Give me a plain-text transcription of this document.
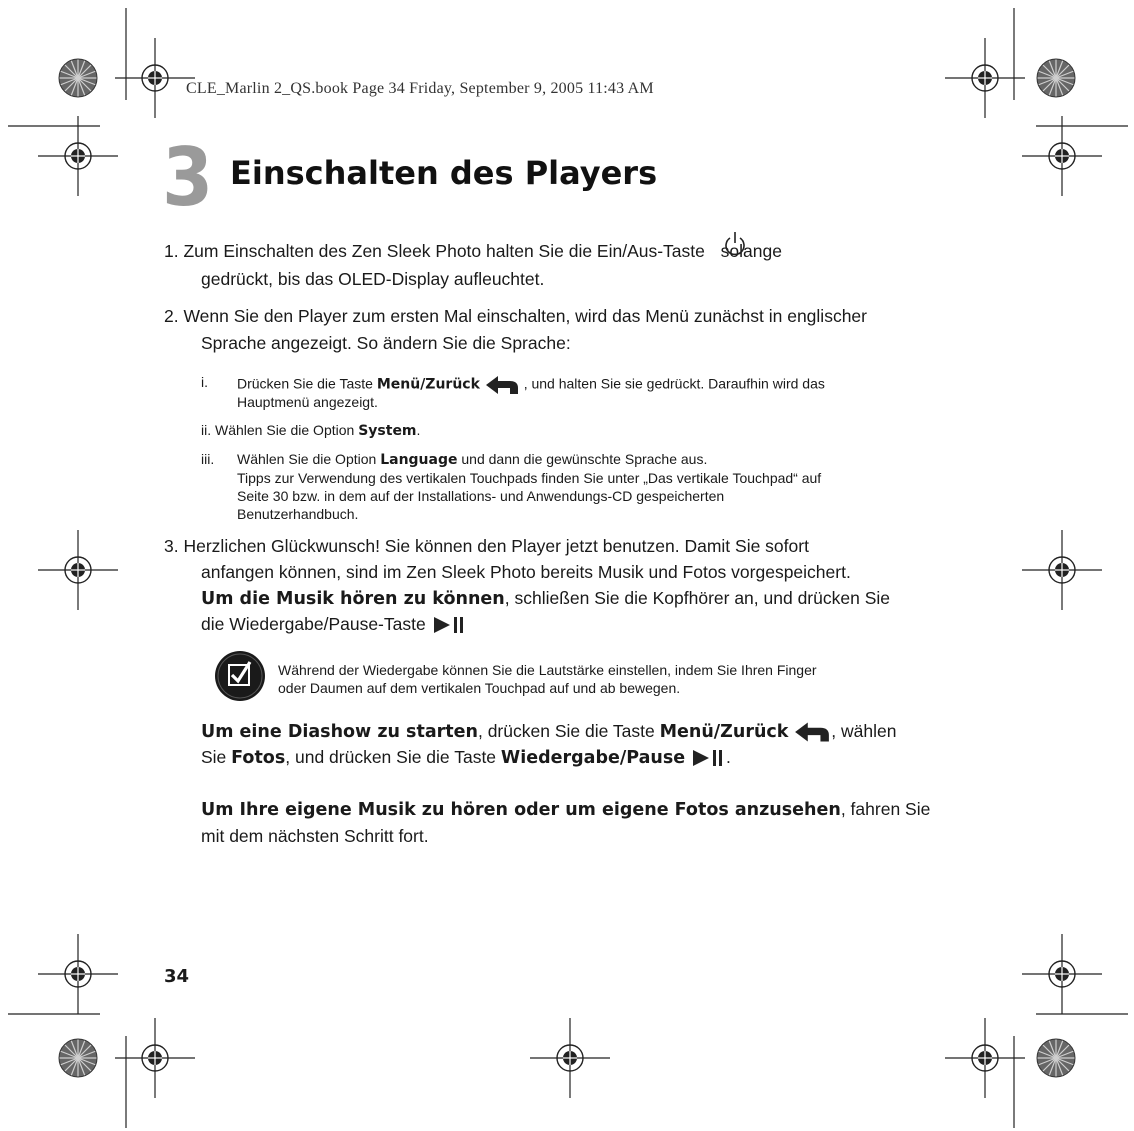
CLE_Marlin 2_QS.book Page 34 Friday, September 9, 2005 11:43 AM
3 Einschalten des Players
1. Zum Einschalten des Zen Sleek Photo halten Sie die Ein/Aus-Taste solange
gedrückt, bis das OLED-Display aufleuchtet.
2. Wenn Sie den Player zum ersten Mal einschalten, wird das Menü zunächst in englischer
Sprache angezeigt. So ändern Sie die Sprache:
i. Drücken Sie die Taste Menü/Zurück	, und halten Sie sie gedrückt. Daraufhin wird das
Hauptmenü angezeigt.
ii. Wählen Sie die Option System.
iii. Wählen Sie die Option Language und dann die gewünschte Sprache aus.
Tipps zur Verwendung des vertikalen Touchpads finden Sie unter „Das vertikale Touchpad“ auf
Seite 30 bzw. in dem auf der Installations- und Anwendungs-CD gespeicherten
Benutzerhandbuch.
3. Herzlichen Glückwunsch! Sie können den Player jetzt benutzen. Damit Sie sofort
anfangen können, sind im Zen Sleek Photo bereits Musik und Fotos vorgespeichert.
Um die Musik hören zu können, schließen Sie die Kopfhörer an, und drücken Sie
die Wiedergabe/Pause-Taste
Während der Wiedergabe können Sie die Lautstärke einstellen, indem Sie Ihren Finger
oder Daumen auf dem vertikalen Touchpad auf und ab bewegen.
Um eine Diashow zu starten, drücken Sie die Taste Menü/Zurück , wählen
Sie Fotos, und drücken Sie die Taste Wiedergabe/Pause .
Um Ihre eigene Musik zu hören oder um eigene Fotos anzusehen, fahren Sie
mit dem nächsten Schritt fort.
34
